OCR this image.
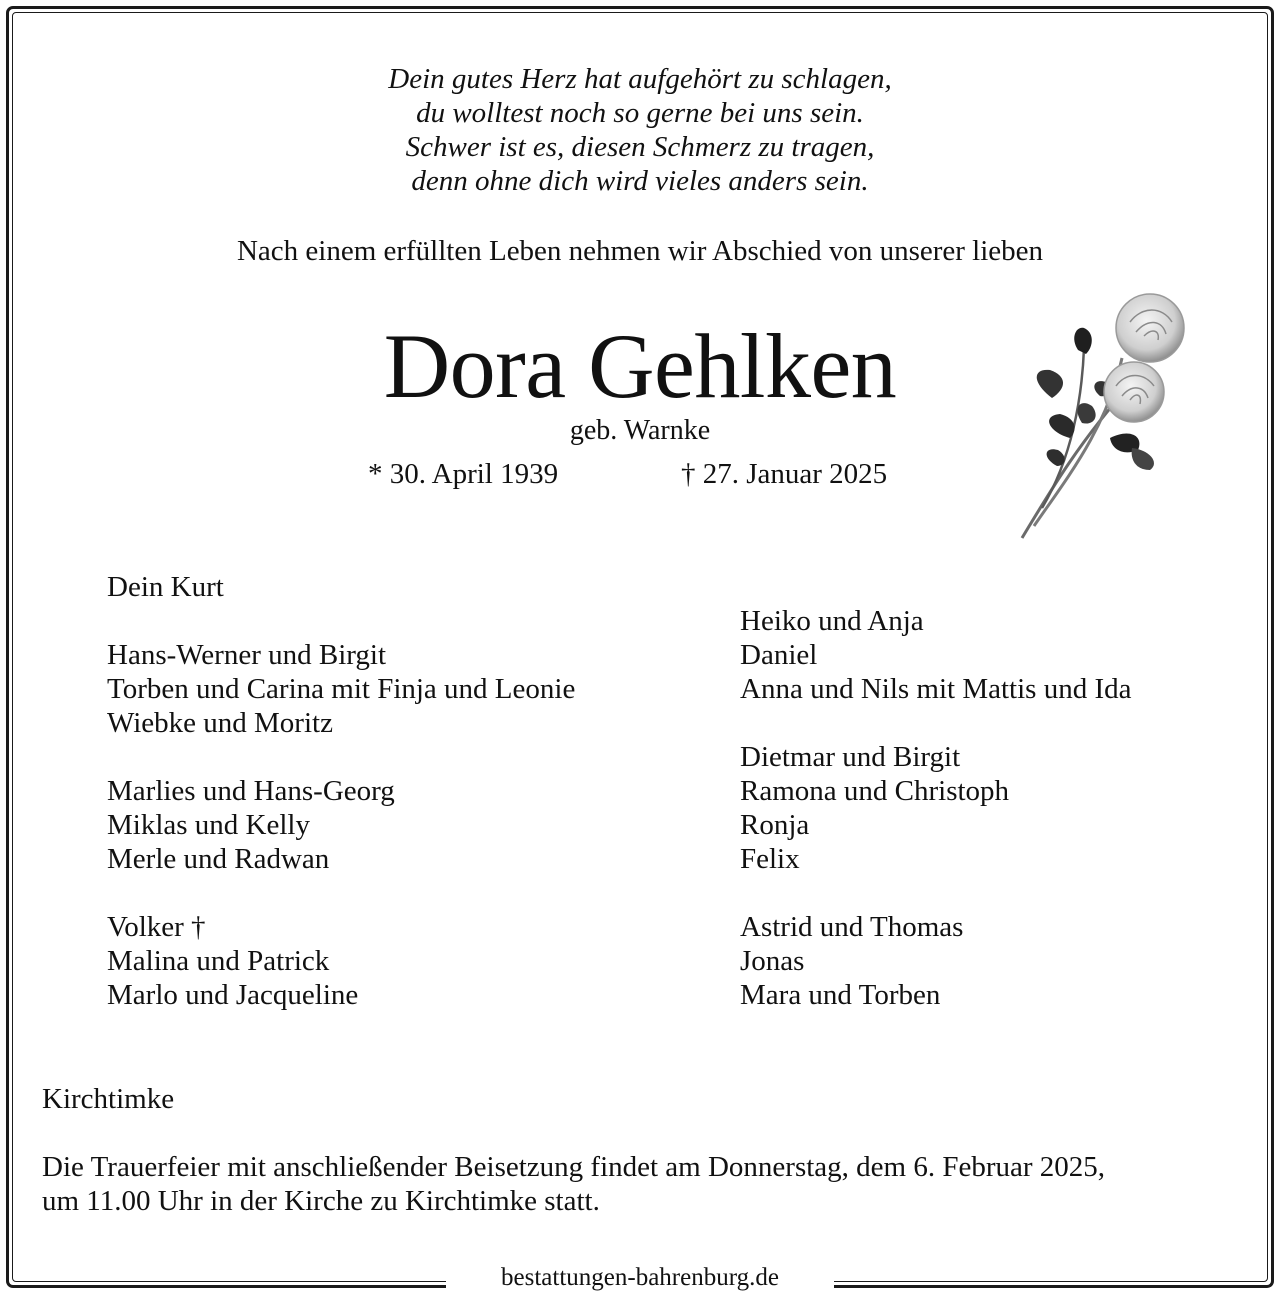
Dein gutes Herz hat aufgehört zu schlagen,
du wolltest noch so gerne bei uns sein.
Schwer ist es, diesen Schmerz zu tragen,
denn ohne dich wird vieles anders sein.
Nach einem erfüllten Leben nehmen wir Abschied von unserer lieben
Dora Gehlken
geb. Warnke
* 30. April 1939	† 27. Januar 2025
Dein Kurt
Hans-Werner und Birgit
Torben und Carina mit Finja und Leonie
Wiebke und Moritz
Marlies und Hans-Georg
Miklas und Kelly
Merle und Radwan
Volker †
Malina und Patrick
Marlo und Jacqueline
Heiko und Anja
Daniel
Anna und Nils mit Mattis und Ida
Dietmar und Birgit
Ramona und Christoph
Ronja
Felix
Astrid und Thomas
Jonas
Mara und Torben
Kirchtimke
Die Trauerfeier mit anschließender Beisetzung findet am Donnerstag, dem 6. Februar 2025,
um 11.00 Uhr in der Kirche zu Kirchtimke statt.
bestattungen-bahrenburg.de
